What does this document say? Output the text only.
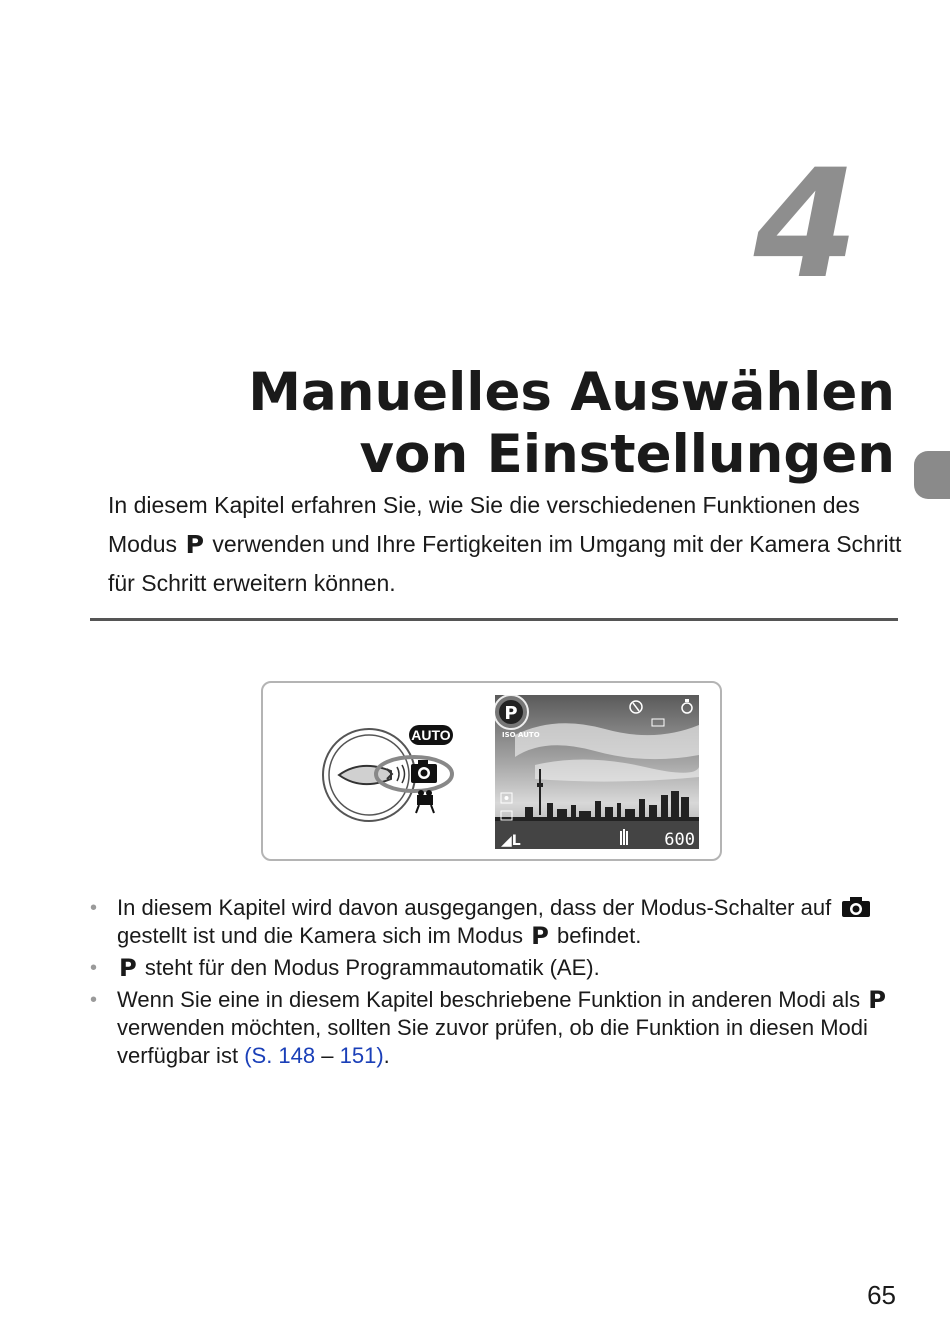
4
Manuelles Auswählen
von Einstellungen

In diesem Kapitel erfahren Sie, wie Sie die verschiedenen Funktionen des Modus P verwenden und Ihre Fertigkeiten im Umgang mit der Kamera Schritt für Schritt erweitern können.

AUTO
P
ISO AUTO
◢L	600
• In diesem Kapitel wird davon ausgegangen, dass der Modus-Schalter auf  gestellt ist und die Kamera sich im Modus P befindet.
• P steht für den Modus Programmautomatik (AE).
• Wenn Sie eine in diesem Kapitel beschriebene Funktion in anderen Modi als P verwenden möchten, sollten Sie zuvor prüfen, ob die Funktion in diesen Modi verfügbar ist (S. 148 – 151).
65
